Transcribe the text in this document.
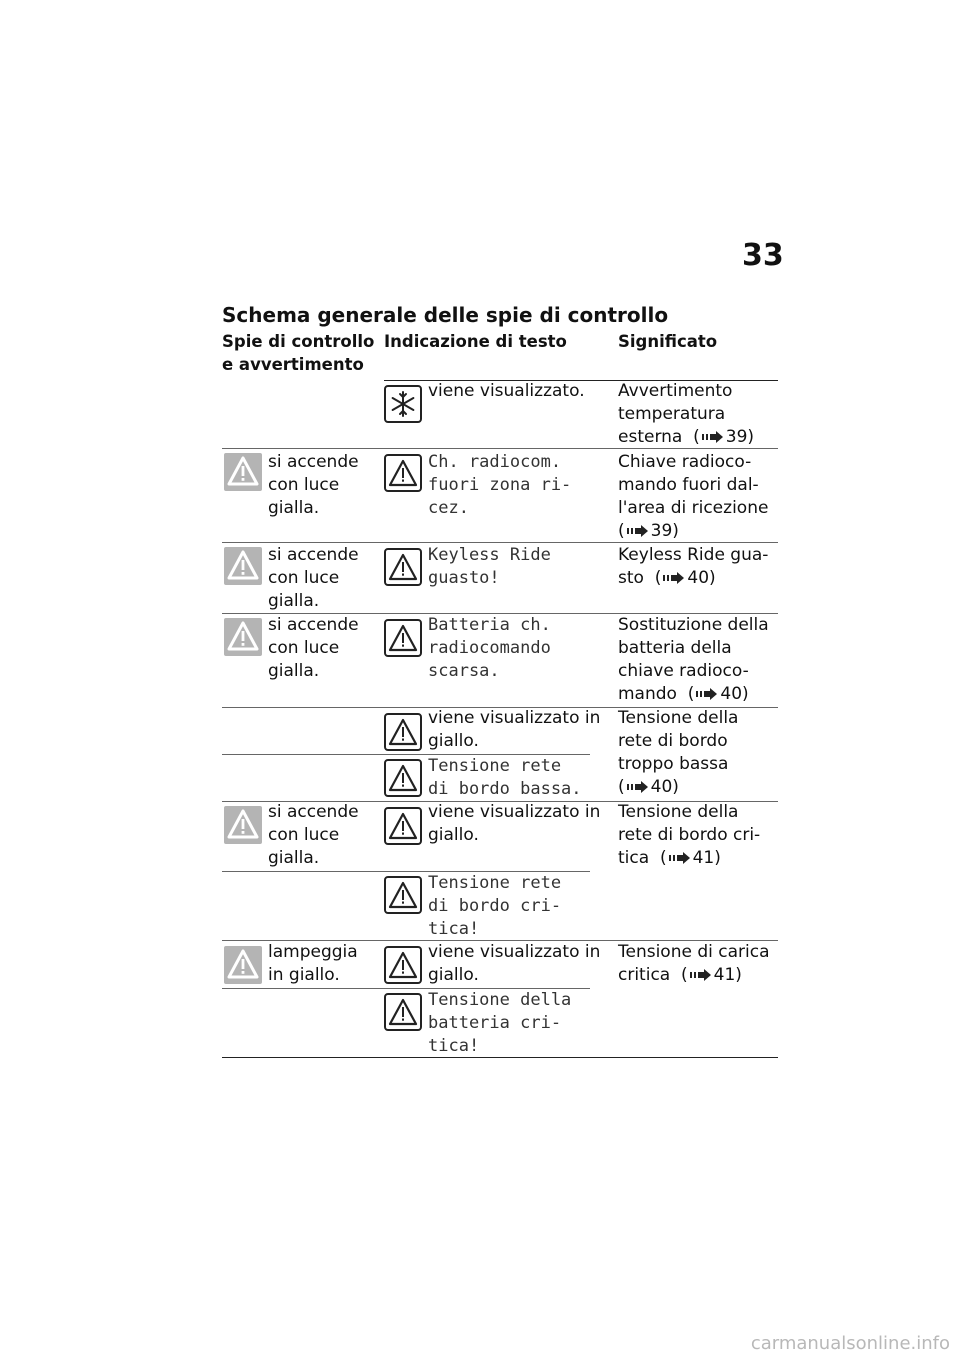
33
Schema generale delle spie di controllo
Spie di controllo
e avvertimento
Indicazione di testo	Significato
viene visualizzato. Avvertimento
temperatura
esterna  ( 39)
si accende
con luce
gialla.
Ch. radiocom.
fuori zona ri-
cez.
Chiave radioco-
mando fuori dal-
l'area di ricezione
( 39)
si accende
con luce
gialla.
Keyless Ride
guasto!
Keyless Ride gua-
sto  ( 40)
si accende
con luce
gialla.
Batteria ch.
radiocomando
scarsa.
Sostituzione della
batteria della
chiave radioco-
mando  ( 40)
viene visualizzato in
giallo.
Tensione rete
di bordo bassa.
Tensione della
rete di bordo
troppo bassa
( 40)
si accende
con luce
gialla.
viene visualizzato in
giallo.
Tensione rete
di bordo cri-
tica!
Tensione della
rete di bordo cri-
tica  ( 41)
lampeggia
in giallo.
viene visualizzato in
giallo.
Tensione della
batteria cri-
tica!
Tensione di carica
critica  ( 41)
carmanualsonline.info
